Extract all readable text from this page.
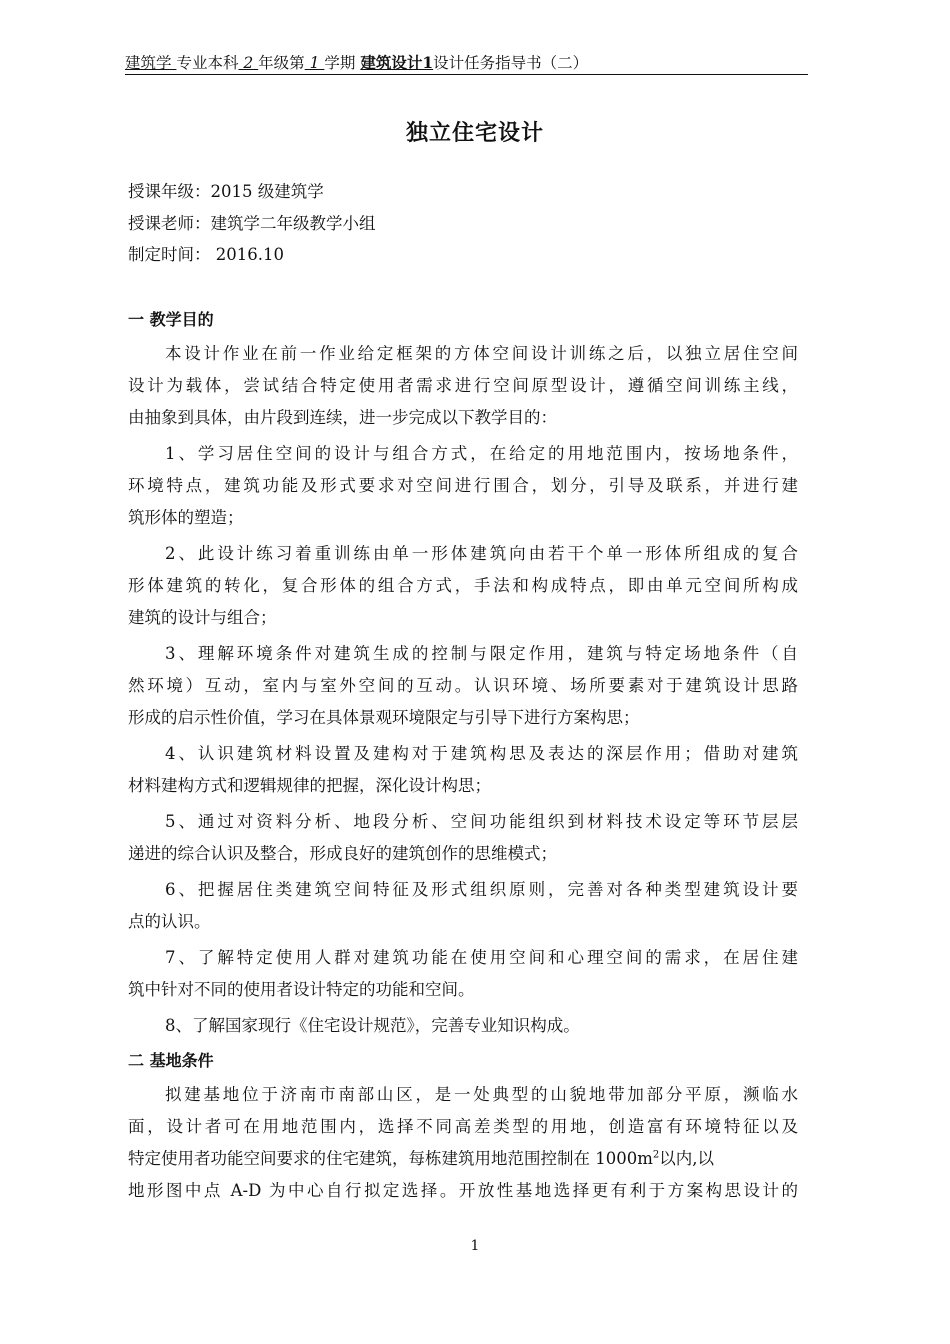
建筑学 专业本科 2 年级第 1 学期 建筑设计1设计任务指导书（二）
独立住宅设计
授课年级：2015 级建筑学
授课老师：建筑学二年级教学小组
制定时间： 2016.10
一 教学目的
本设计作业在前一作业给定框架的方体空间设计训练之后，以独立居住空间
设计为载体，尝试结合特定使用者需求进行空间原型设计，遵循空间训练主线，
由抽象到具体，由片段到连续，进一步完成以下教学目的：
1、学习居住空间的设计与组合方式，在给定的用地范围内，按场地条件，
环境特点，建筑功能及形式要求对空间进行围合，划分，引导及联系，并进行建
筑形体的塑造；
2、此设计练习着重训练由单一形体建筑向由若干个单一形体所组成的复合
形体建筑的转化，复合形体的组合方式，手法和构成特点，即由单元空间所构成
建筑的设计与组合；
3、理解环境条件对建筑生成的控制与限定作用，建筑与特定场地条件（自
然环境）互动，室内与室外空间的互动。认识环境、场所要素对于建筑设计思路
形成的启示性价值，学习在具体景观环境限定与引导下进行方案构思；
4、认识建筑材料设置及建构对于建筑构思及表达的深层作用；借助对建筑
材料建构方式和逻辑规律的把握，深化设计构思；
5、通过对资料分析、地段分析、空间功能组织到材料技术设定等环节层层
递进的综合认识及整合，形成良好的建筑创作的思维模式；
6、把握居住类建筑空间特征及形式组织原则，完善对各种类型建筑设计要
点的认识。
7、了解特定使用人群对建筑功能在使用空间和心理空间的需求，在居住建
筑中针对不同的使用者设计特定的功能和空间。
8、了解国家现行《住宅设计规范》，完善专业知识构成。
二 基地条件
拟建基地位于济南市南部山区，是一处典型的山貌地带加部分平原，濒临水
面，设计者可在用地范围内，选择不同高差类型的用地，创造富有环境特征以及
特定使用者功能空间要求的住宅建筑，每栋建筑用地范围控制在 $1000m^2$以内,以
地形图中点 A-D 为中心自行拟定选择。开放性基地选择更有利于方案构思设计的
1
